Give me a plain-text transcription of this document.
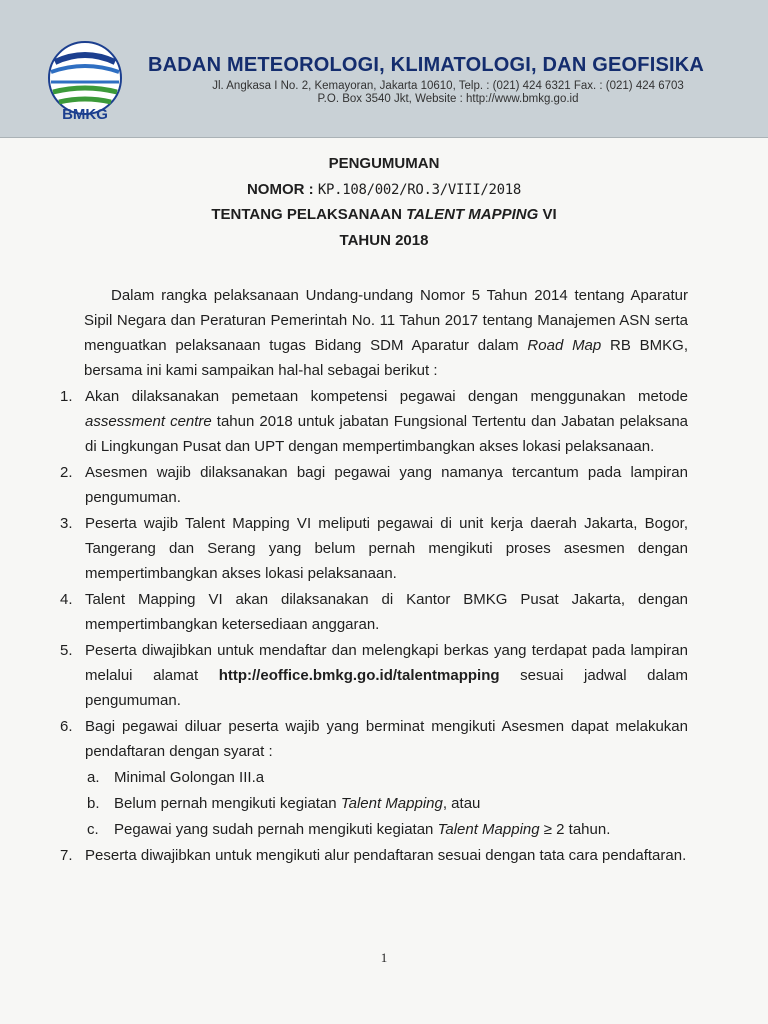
BMKG
BADAN METEOROLOGI, KLIMATOLOGI, DAN GEOFISIKA
Jl. Angkasa I No. 2, Kemayoran, Jakarta 10610, Telp. : (021) 424 6321 Fax. : (021) 424 6703
P.O. Box 3540 Jkt, Website : http://www.bmkg.go.id
PENGUMUMAN
NOMOR : KP.108/002/RO.3/VIII/2018
TENTANG PELAKSANAAN TALENT MAPPING VI
TAHUN 2018

Dalam rangka pelaksanaan Undang-undang Nomor 5 Tahun 2014 tentang Aparatur Sipil Negara dan Peraturan Pemerintah No. 11 Tahun 2017 tentang Manajemen ASN serta menguatkan pelaksanaan tugas Bidang SDM Aparatur dalam Road Map RB BMKG, bersama ini kami sampaikan hal-hal sebagai berikut :

1. Akan dilaksanakan pemetaan kompetensi pegawai dengan menggunakan metode assessment centre tahun 2018 untuk jabatan Fungsional Tertentu dan Jabatan pelaksana di Lingkungan Pusat dan UPT dengan mempertimbangkan akses lokasi pelaksanaan.
2. Asesmen wajib dilaksanakan bagi pegawai yang namanya tercantum pada lampiran pengumuman.
3. Peserta wajib Talent Mapping VI meliputi pegawai di unit kerja daerah Jakarta, Bogor, Tangerang dan Serang yang belum pernah mengikuti proses asesmen dengan mempertimbangkan akses lokasi pelaksanaan.
4. Talent Mapping VI akan dilaksanakan di Kantor BMKG Pusat Jakarta, dengan mempertimbangkan ketersediaan anggaran.
5. Peserta diwajibkan untuk mendaftar dan melengkapi berkas yang terdapat pada lampiran melalui alamat http://eoffice.bmkg.go.id/talentmapping sesuai jadwal dalam pengumuman.
6. Bagi pegawai diluar peserta wajib yang berminat mengikuti Asesmen dapat melakukan pendaftaran dengan syarat :
a. Minimal Golongan III.a
b. Belum pernah mengikuti kegiatan Talent Mapping, atau
c.	Pegawai yang sudah pernah mengikuti kegiatan Talent Mapping ≥ 2 tahun.
7. Peserta diwajibkan untuk mengikuti alur pendaftaran sesuai dengan tata cara pendaftaran.
1
